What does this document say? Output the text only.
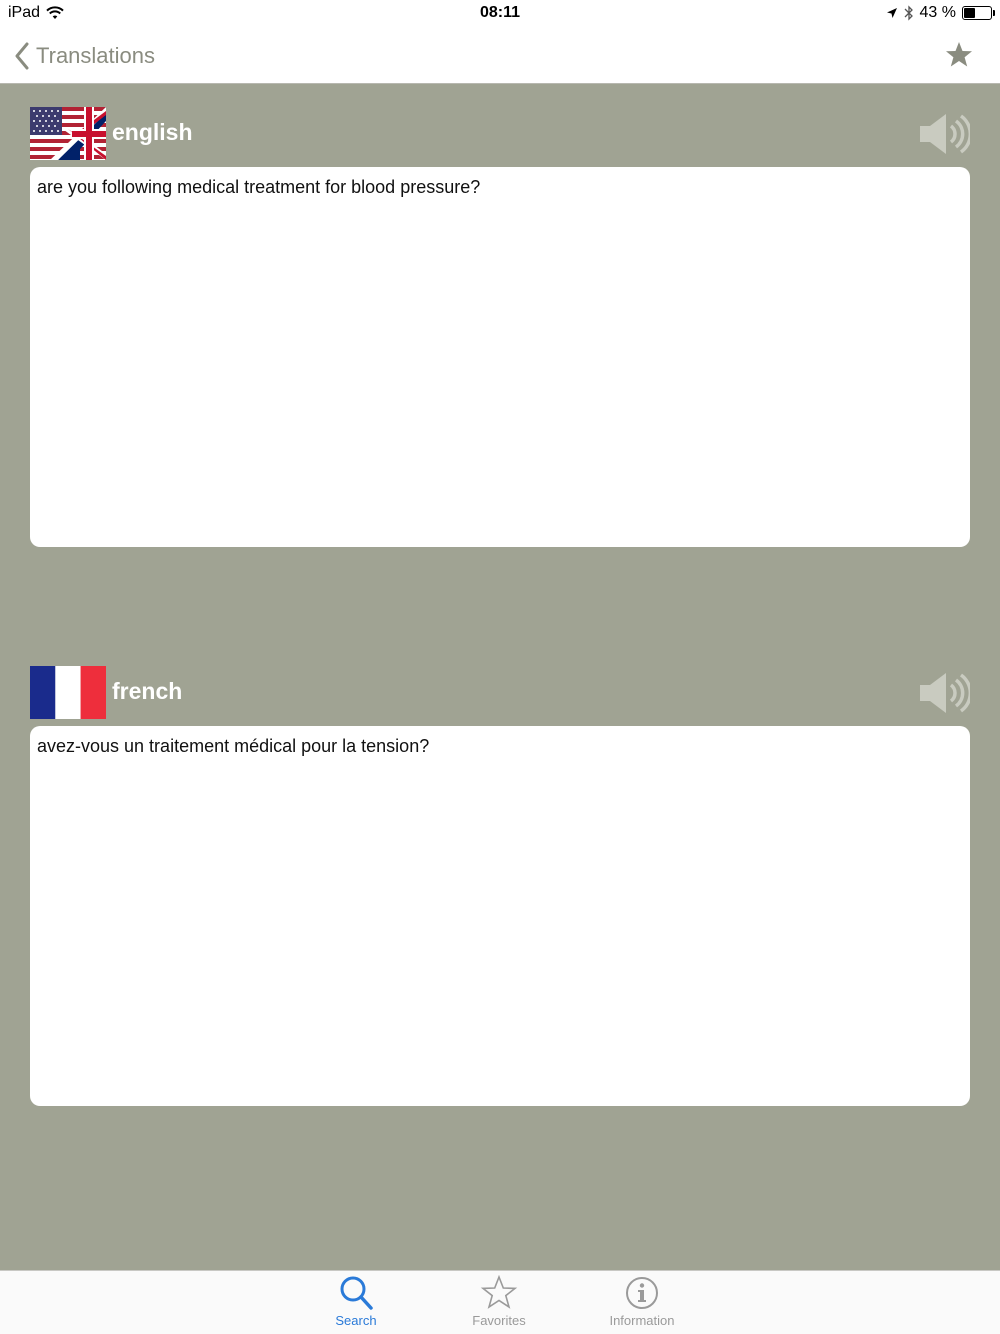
iPad	08:11	43 %
Translations
english
are you following medical treatment for blood pressure?
french
avez-vous un traitement médical pour la tension?
Search	Favorites	Information
